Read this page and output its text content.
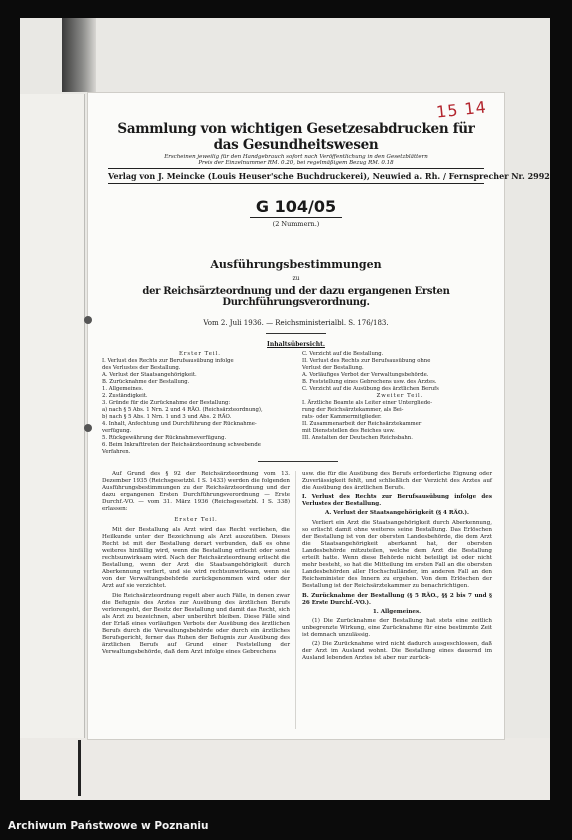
Sammlung von wichtigen Gesetzesabdrucken für das Gesundheitswesen

Erscheinen jeweilig für den Handgebrauch sofort nach Veröffentlichung in den Gesetzblättern

Preis der Einzelnummer RM. 0.20, bei regelmäßigem Bezug RM. 0.18

Verlag von J. Meincke (Louis Heuser'sche Buchdruckerei), Neuwied a. Rh. / Fernsprecher Nr. 2992

G 104/05
(2 Nummern.)
Ausführungsbestimmungen
zu
der Reichsärzteordnung und der dazu ergangenen Ersten Durchführungsverordnung.
Vom 2. Juli 1936. — Reichsministerialbl. S. 176/183.
Inhaltsübersicht.
Erster Teil.
I. Verlust des Rechts zur Berufsausübung infolge
des Verlustes der Bestallung.
A. Verlust der Staatsangehörigkeit.
B. Zurücknahme der Bestallung.
1. Allgemeines.
2. Zuständigkeit.
3. Gründe für die Zurücknahme der Bestallung:
a) nach § 5 Abs. 1 Nrn. 2 und 4 RÄO. (Reichsärzteordnung),
b) nach § 5 Abs. 1 Nrn. 1 und 3 und Abs. 2 RÄO.
4. Inhalt, Anfechtung und Durchführung der Rücknahme-
verfügung.
5. Rückgewährung der Rücknahmeverfügung.
6. Beim Inkrafttreten der Reichsärzteordnung schwebende
Verfahren.
C. Verzicht auf die Bestallung.
II. Verlust des Rechts zur Berufsausübung ohne
Verlust der Bestallung.
A. Vorläufiges Verbot der Verwaltungsbehörde.
B. Feststellung eines Gebrechens usw. des Arztes.
C. Verzicht auf die Ausübung des ärztlichen Berufs
Zweiter Teil.
I. Ärztliche Beamte als Leiter einer Untergliede-
rung der Reichsärztekammer, als Bei-
rats- oder Kammermitglieder.
II. Zusammenarbeit der Reichsärztekammer
mit Dienststellen des Reiches usw.
III. Anstalten der Deutschen Reichsbahn.

Auf Grund des § 92 der Reichsärzteordnung vom 13. Dezember 1935 (Reichsgesetzbl. I S. 1433) werden die folgenden Ausführungsbestimmungen zu der Reichsärzteordnung und der dazu ergangenen Ersten Durchführungsverordnung — Erste Durchf.-VO. — vom 31. März 1936 (Reichsgesetzbl. I S. 338) erlassen:

Erster Teil.

Mit der Bestallung als Arzt wird das Recht verliehen, die Heilkunde unter der Bezeichnung als Arzt auszuüben. Dieses Recht ist mit der Bestallung derart verbunden, daß es ohne weiteres hinfällig wird, wenn die Bestallung erlischt oder sonst rechtsunwirksam wird. Nach der Reichsärzteordnung erlischt die Bestallung, wenn der Arzt die Staatsangehörigkeit durch Aberkennung verliert, und sie wird rechtsunwirksam, wenn sie von der Verwaltungsbehörde zurückgenommen wird oder der Arzt auf sie verzichtet.

Die Reichsärzteordnung regelt aber auch Fälle, in denen zwar die Befugnis des Arztes zur Ausübung des ärztlichen Berufs verlorengeht, der Besitz der Bestallung und damit das Recht, sich als Arzt zu bezeichnen, aber unberührt bleiben. Diese Fälle sind der Erlaß eines vorläufigen Verbots der Ausübung des ärztlichen Berufs durch die Verwaltungsbehörde oder durch ein ärztliches Berufsgericht, ferner das Ruhen der Befugnis zur Ausübung des ärztlichen Berufs auf Grund einer Feststellung der Verwaltungsbehörde, daß dem Arzt infolge eines Gebrechens

usw. die für die Ausübung des Berufs erforderliche Eignung oder Zuverlässigkeit fehlt, und schließlich der Verzicht des Arztes auf die Ausübung des ärztlichen Berufs.

I. Verlust des Rechts zur Berufsausübung infolge des Verlustes der Bestallung.

A. Verlust der Staatsangehörigkeit (§ 4 RÄO.).

Verliert ein Arzt die Staatsangehörigkeit durch Aberkennung, so erlischt damit ohne weiteres seine Bestallung. Das Erlöschen der Bestallung ist von der obersten Landesbehörde, die dem Arzt die Staatsangehörigkeit aberkannt hat, der obersten Landesbehörde mitzuteilen, welche dem Arzt die Bestallung erteilt hatte. Wenn diese Behörde nicht beteiligt ist oder nicht mehr besteht, so hat die Mitteilung im ersten Fall an die obersten Landesbehörden aller Hochschulländer, im anderen Fall an den Reichsminister des Innern zu ergehen. Von dem Erlöschen der Bestallung ist der Reichsärztekammer zu benachrichtigen.

B. Zurücknahme der Bestallung (§ 5 RÄO., §§ 2 bis 7 und § 26 Erste Durchf.-VO.).

1. Allgemeines.

(1) Die Zurücknahme der Bestallung hat stets eine zeitlich unbegrenzte Wirkung, eine Zurücknahme für eine bestimmte Zeit ist demnach unzulässig.

(2) Die Zurücknahme wird nicht dadurch ausgeschlossen, daß der Arzt im Ausland wohnt. Die Bestallung eines dauernd im Ausland lebenden Arztes ist aber nur zurück-

15 14
Archiwum Państwowe w Poznaniu
